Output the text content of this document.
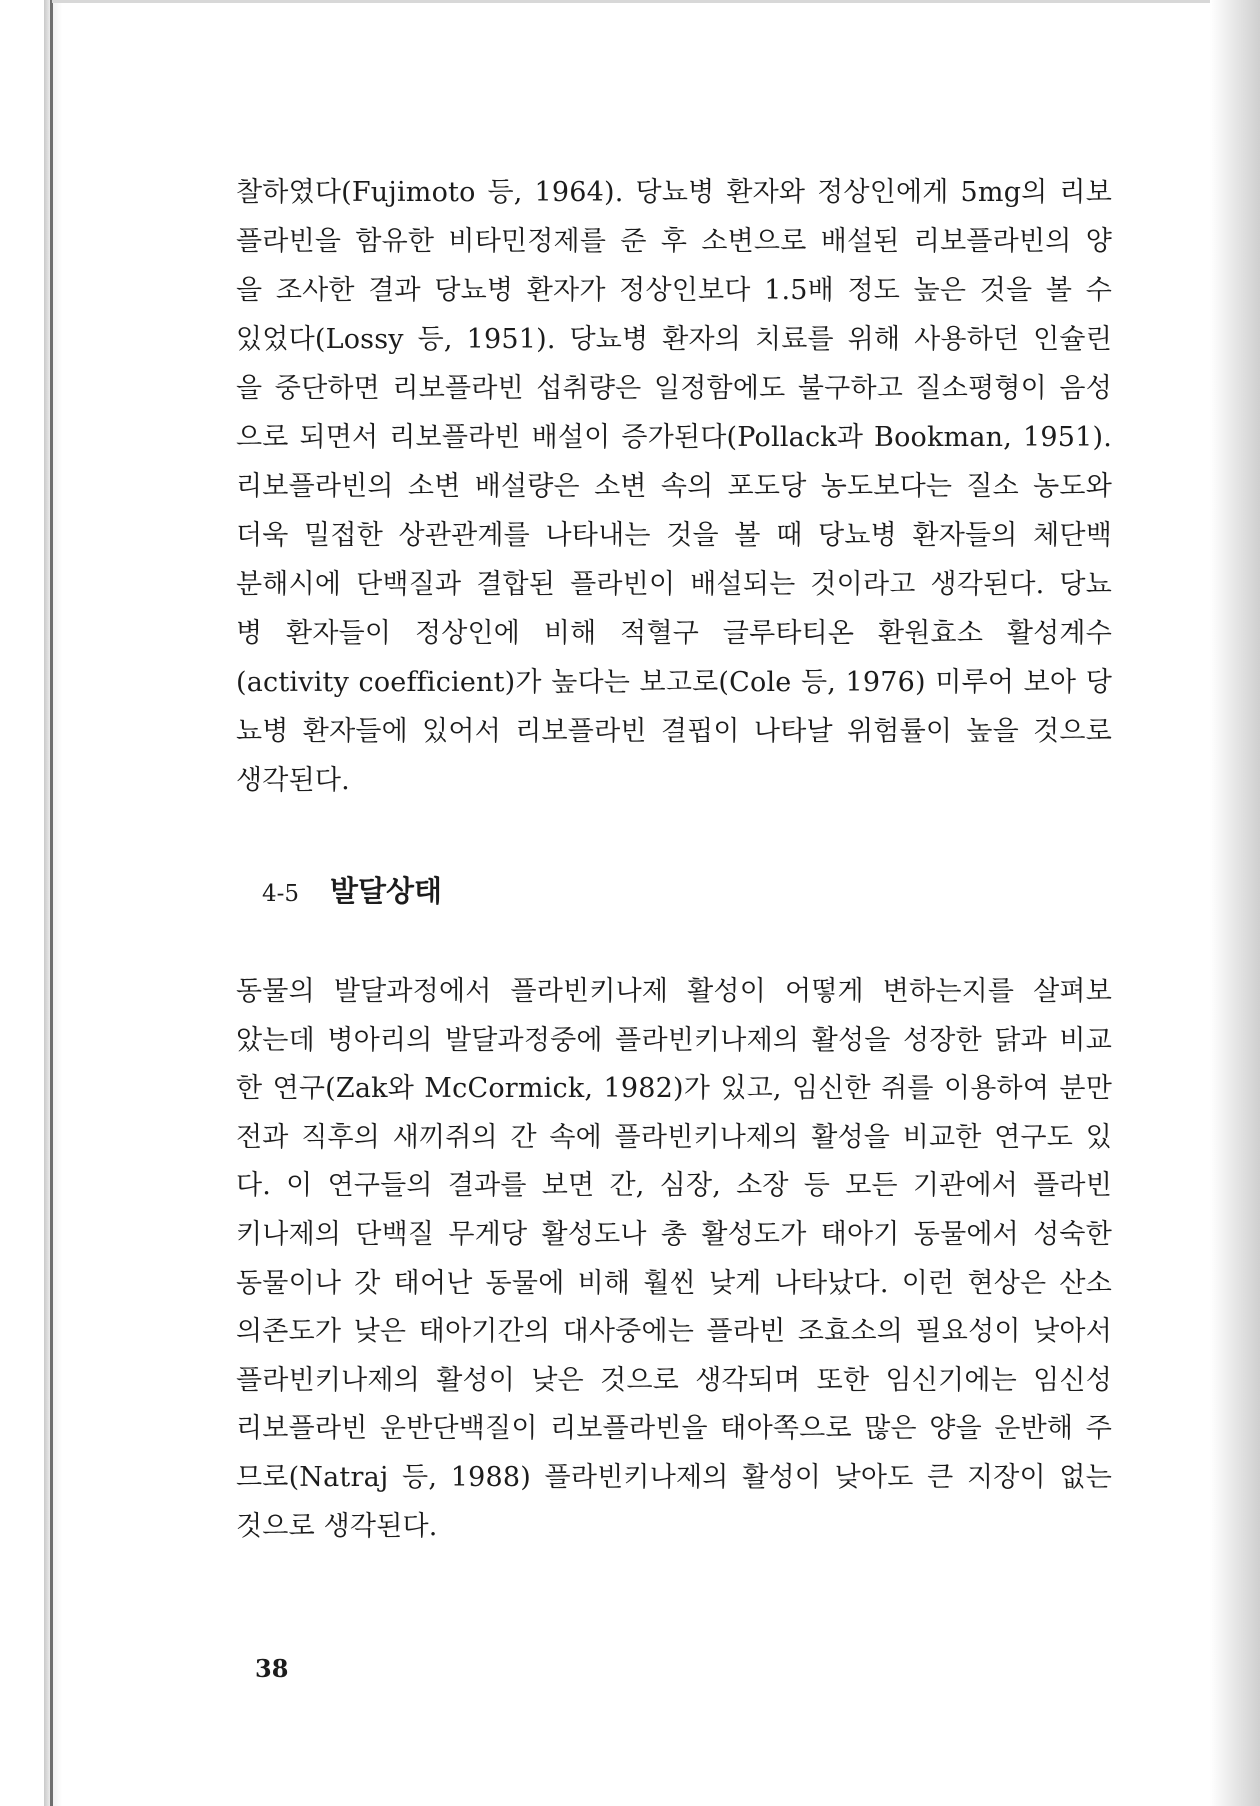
찰하였다(Fujimoto 등, 1964). 당뇨병 환자와 정상인에게 5mg의 리보
플라빈을 함유한 비타민정제를 준 후 소변으로 배설된 리보플라빈의 양
을 조사한 결과 당뇨병 환자가 정상인보다 1.5배 정도 높은 것을 볼 수
있었다(Lossy 등, 1951). 당뇨병 환자의 치료를 위해 사용하던 인슐린
을 중단하면 리보플라빈 섭취량은 일정함에도 불구하고 질소평형이 음성
으로 되면서 리보플라빈 배설이 증가된다(Pollack과 Bookman, 1951).
리보플라빈의 소변 배설량은 소변 속의 포도당 농도보다는 질소 농도와
더욱 밀접한 상관관계를 나타내는 것을 볼 때 당뇨병 환자들의 체단백
분해시에 단백질과 결합된 플라빈이 배설되는 것이라고 생각된다. 당뇨
병 환자들이 정상인에 비해 적혈구 글루타티온 환원효소 활성계수
(activity coefficient)가 높다는 보고로(Cole 등, 1976) 미루어 보아 당
뇨병 환자들에 있어서 리보플라빈 결핍이 나타날 위험률이 높을 것으로
생각된다.
4-5 발달상태
동물의 발달과정에서 플라빈키나제 활성이 어떻게 변하는지를 살펴보
았는데 병아리의 발달과정중에 플라빈키나제의 활성을 성장한 닭과 비교
한 연구(Zak와 McCormick, 1982)가 있고, 임신한 쥐를 이용하여 분만
전과 직후의 새끼쥐의 간 속에 플라빈키나제의 활성을 비교한 연구도 있
다. 이 연구들의 결과를 보면 간, 심장, 소장 등 모든 기관에서 플라빈
키나제의 단백질 무게당 활성도나 총 활성도가 태아기 동물에서 성숙한
동물이나 갓 태어난 동물에 비해 훨씬 낮게 나타났다. 이런 현상은 산소
의존도가 낮은 태아기간의 대사중에는 플라빈 조효소의 필요성이 낮아서
플라빈키나제의 활성이 낮은 것으로 생각되며 또한 임신기에는 임신성
리보플라빈 운반단백질이 리보플라빈을 태아쪽으로 많은 양을 운반해 주
므로(Natraj 등, 1988) 플라빈키나제의 활성이 낮아도 큰 지장이 없는
것으로 생각된다.
38
